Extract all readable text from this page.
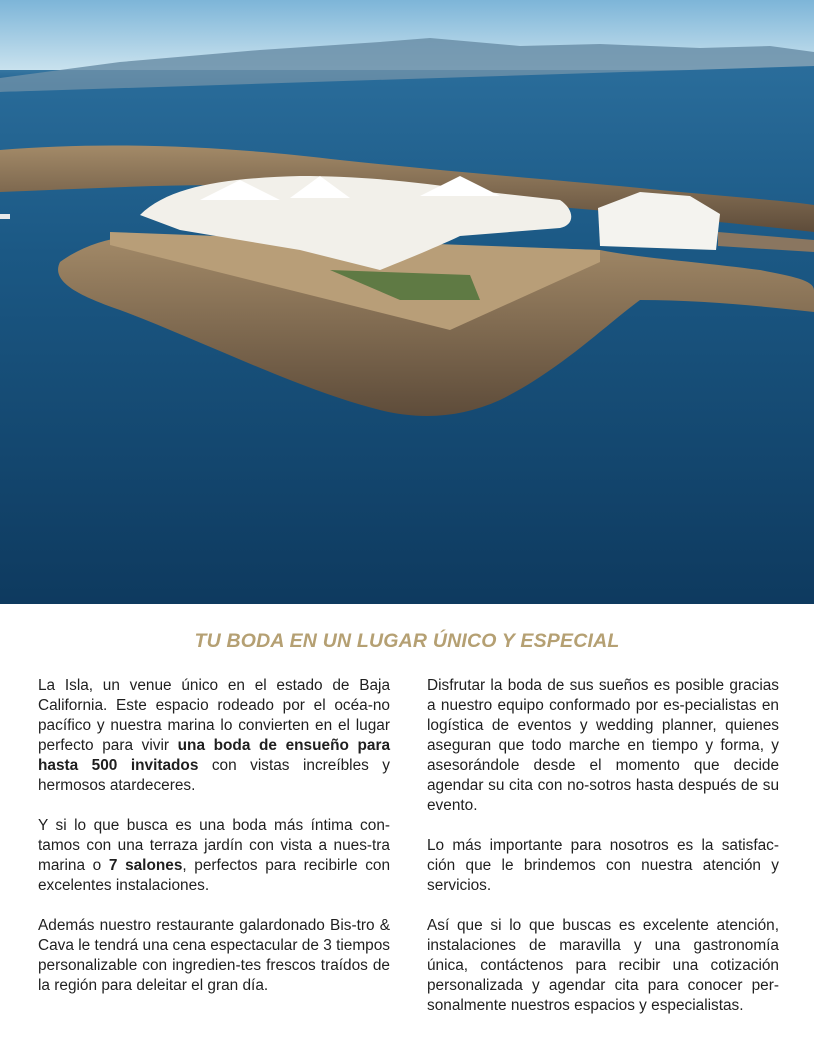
TU BODA EN UN LUGAR ÚNICO Y ESPECIAL

La Isla, un venue único en el estado de Baja California. Este espacio rodeado por el océa-no pacífico y nuestra marina lo convierten en el lugar perfecto para vivir una boda de ensueño para hasta 500 invitados con vistas increíbles y hermosos atardeceres.

Y si lo que busca es una boda más íntima con-tamos con una terraza jardín con vista a nues-tra marina o 7 salones, perfectos para recibirle con excelentes instalaciones.

Además nuestro restaurante galardonado Bis-tro & Cava le tendrá una cena espectacular de 3 tiempos personalizable con ingredien-tes frescos traídos de la región para deleitar el gran día.

Disfrutar la boda de sus sueños es posible gracias a nuestro equipo conformado por es-pecialistas en logística de eventos y wedding planner, quienes aseguran que todo marche en tiempo y forma, y asesorándole desde el momento que decide agendar su cita con no-sotros hasta después de su evento.

Lo más importante para nosotros es la satisfac-ción que le brindemos con nuestra atención y servicios.

Así que si lo que buscas es excelente atención, instalaciones de maravilla y una gastronomía única, contáctenos para recibir una cotización personalizada y agendar cita para conocer per-sonalmente nuestros espacios y especialistas.
